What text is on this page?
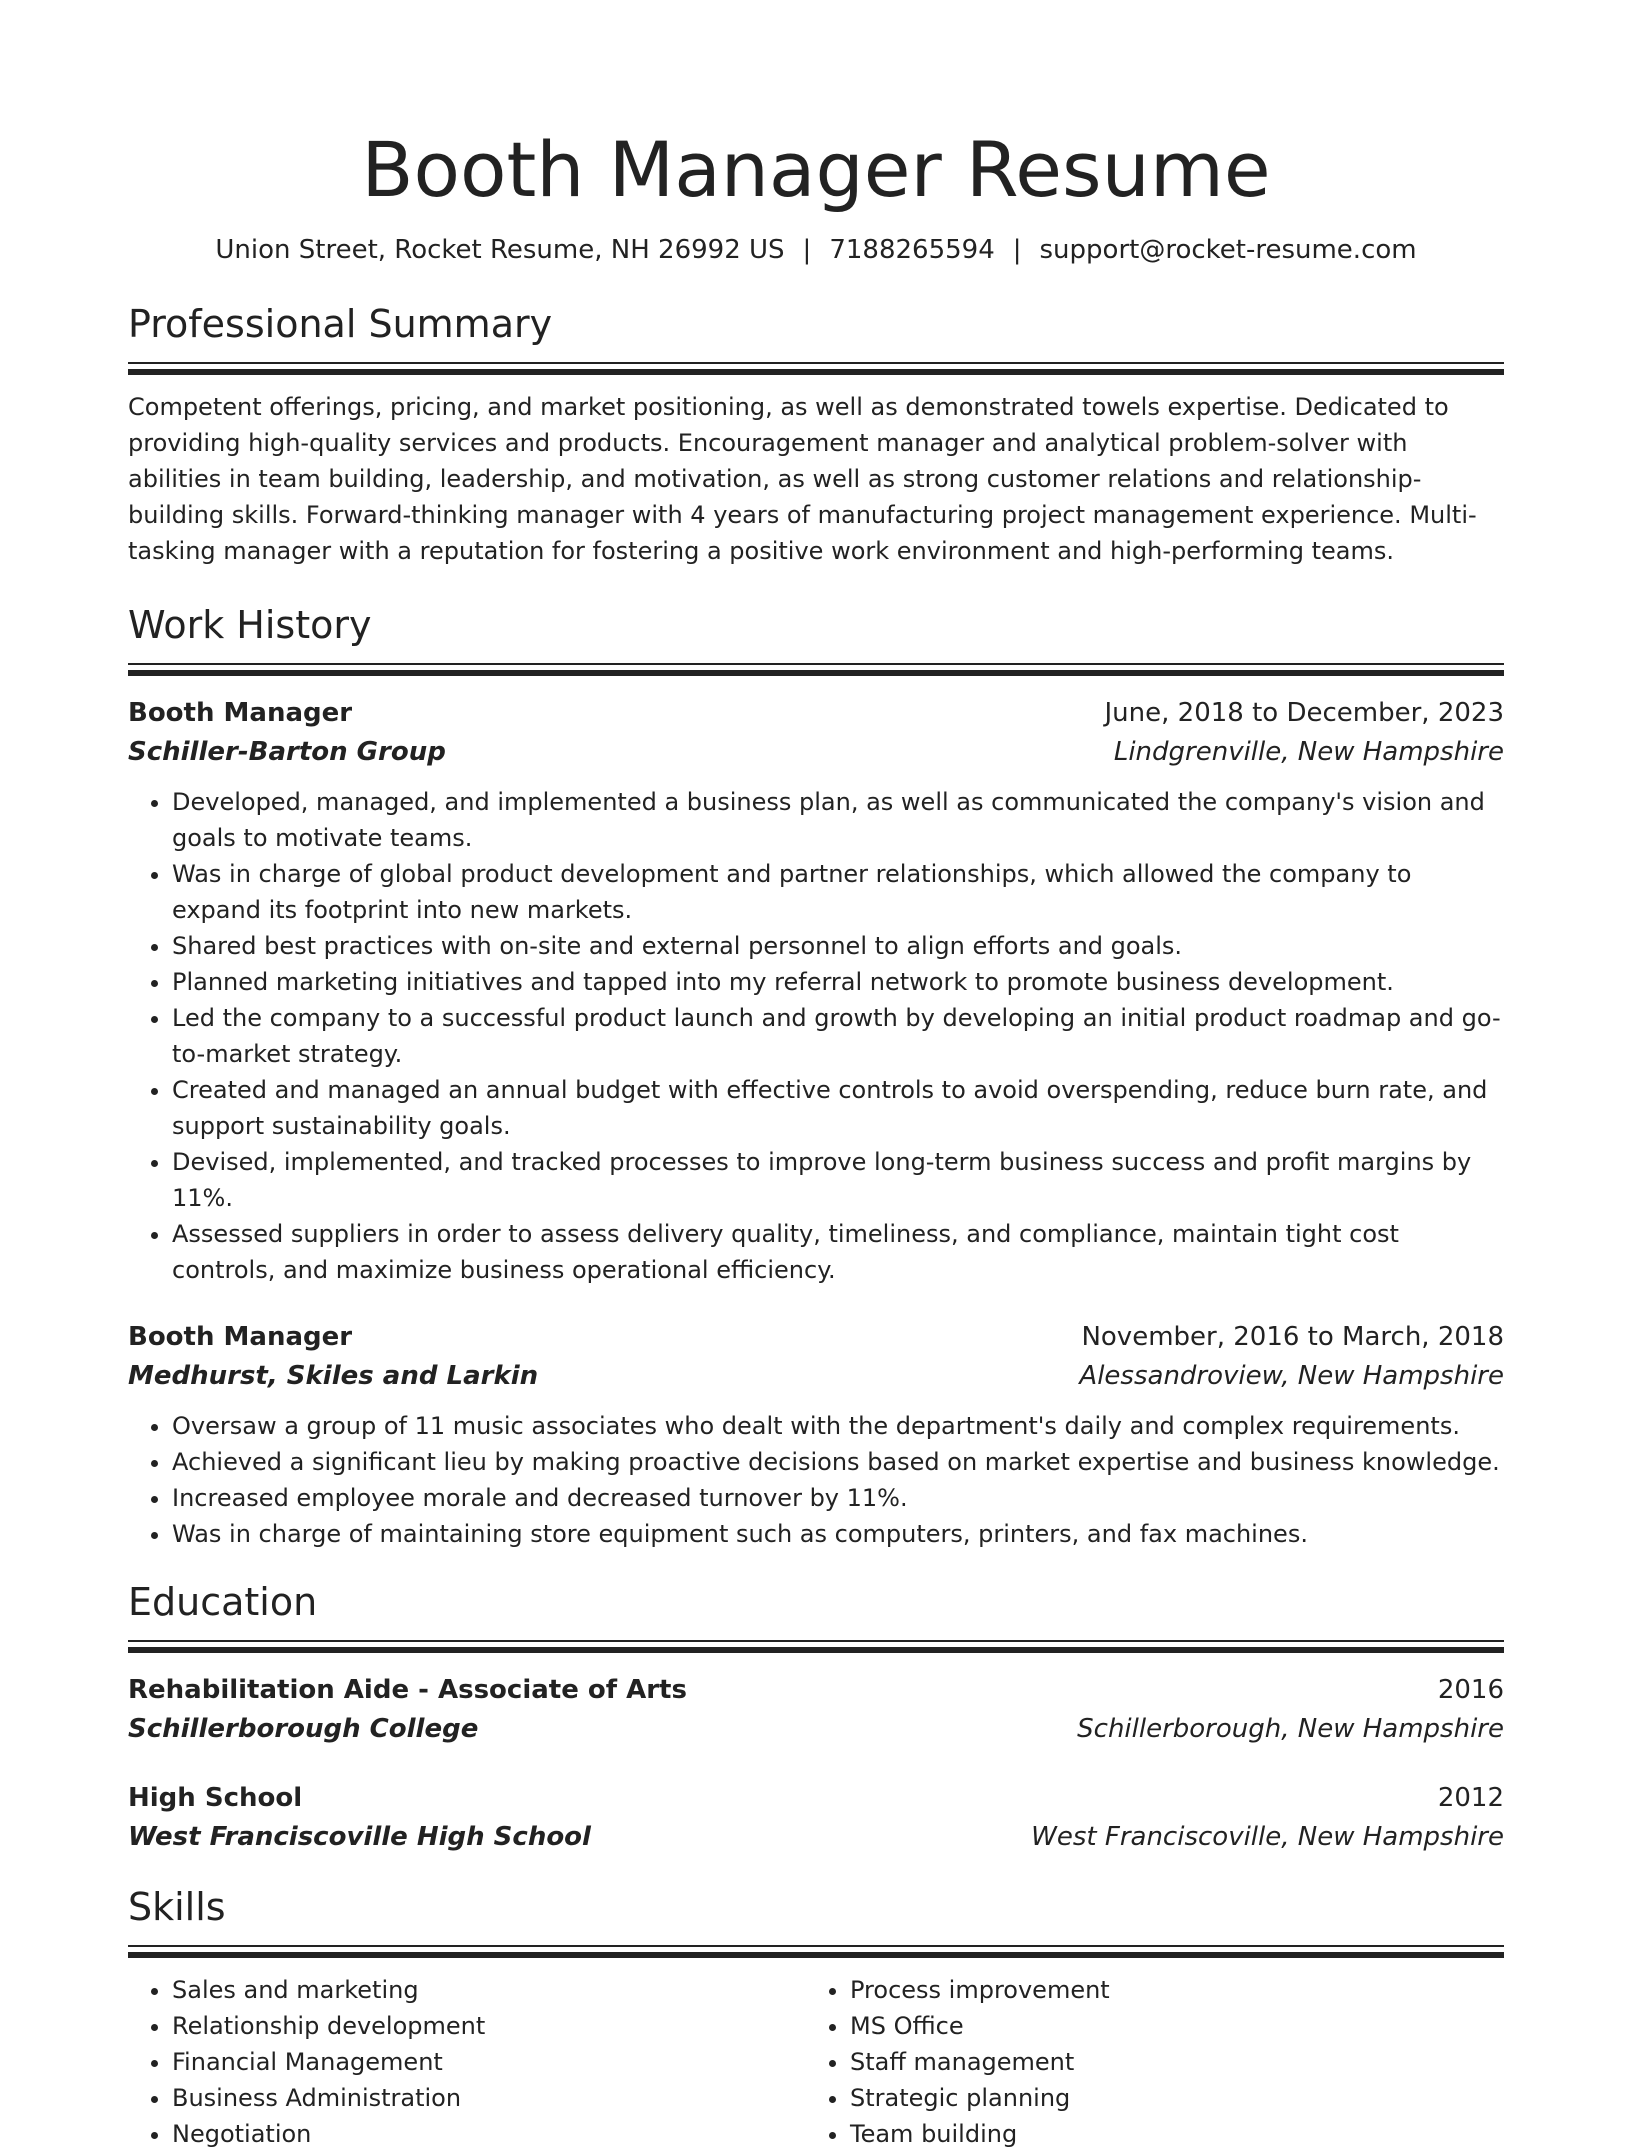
Booth Manager Resume
Union Street, Rocket Resume, NH 26992 US | 7188265594 | support@rocket-resume.com
Professional Summary

Competent offerings, pricing, and market positioning, as well as demonstrated towels expertise. Dedicated to providing high-quality services and products. Encouragement manager and analytical problem-solver with abilities in team building, leadership, and motivation, as well as strong customer relations and relationship-building skills. Forward-thinking manager with 4 years of manufacturing project management experience. Multi-tasking manager with a reputation for fostering a positive work environment and high-performing teams.

Work History
Booth Manager	June, 2018 to December, 2023
Schiller-Barton Group	Lindgrenville, New Hampshire
• Developed, managed, and implemented a business plan, as well as communicated the company's vision and goals to motivate teams.
• Was in charge of global product development and partner relationships, which allowed the company to expand its footprint into new markets.
• Shared best practices with on-site and external personnel to align efforts and goals.
• Planned marketing initiatives and tapped into my referral network to promote business development.
• Led the company to a successful product launch and growth by developing an initial product roadmap and go-to-market strategy.
• Created and managed an annual budget with effective controls to avoid overspending, reduce burn rate, and support sustainability goals.
• Devised, implemented, and tracked processes to improve long-term business success and profit margins by 11%.
• Assessed suppliers in order to assess delivery quality, timeliness, and compliance, maintain tight cost controls, and maximize business operational efficiency.
Booth Manager	November, 2016 to March, 2018
Medhurst, Skiles and Larkin	Alessandroview, New Hampshire
• Oversaw a group of 11 music associates who dealt with the department's daily and complex requirements.
• Achieved a significant lieu by making proactive decisions based on market expertise and business knowledge.
• Increased employee morale and decreased turnover by 11%.
• Was in charge of maintaining store equipment such as computers, printers, and fax machines.
Education
Rehabilitation Aide - Associate of Arts	2016
Schillerborough College	Schillerborough, New Hampshire
High School	2012
West Franciscoville High School	West Franciscoville, New Hampshire
Skills
• Sales and marketing
• Relationship development
• Financial Management
• Business Administration
• Negotiation
• Process improvement
• MS Office
• Staff management
• Strategic planning
• Team building
